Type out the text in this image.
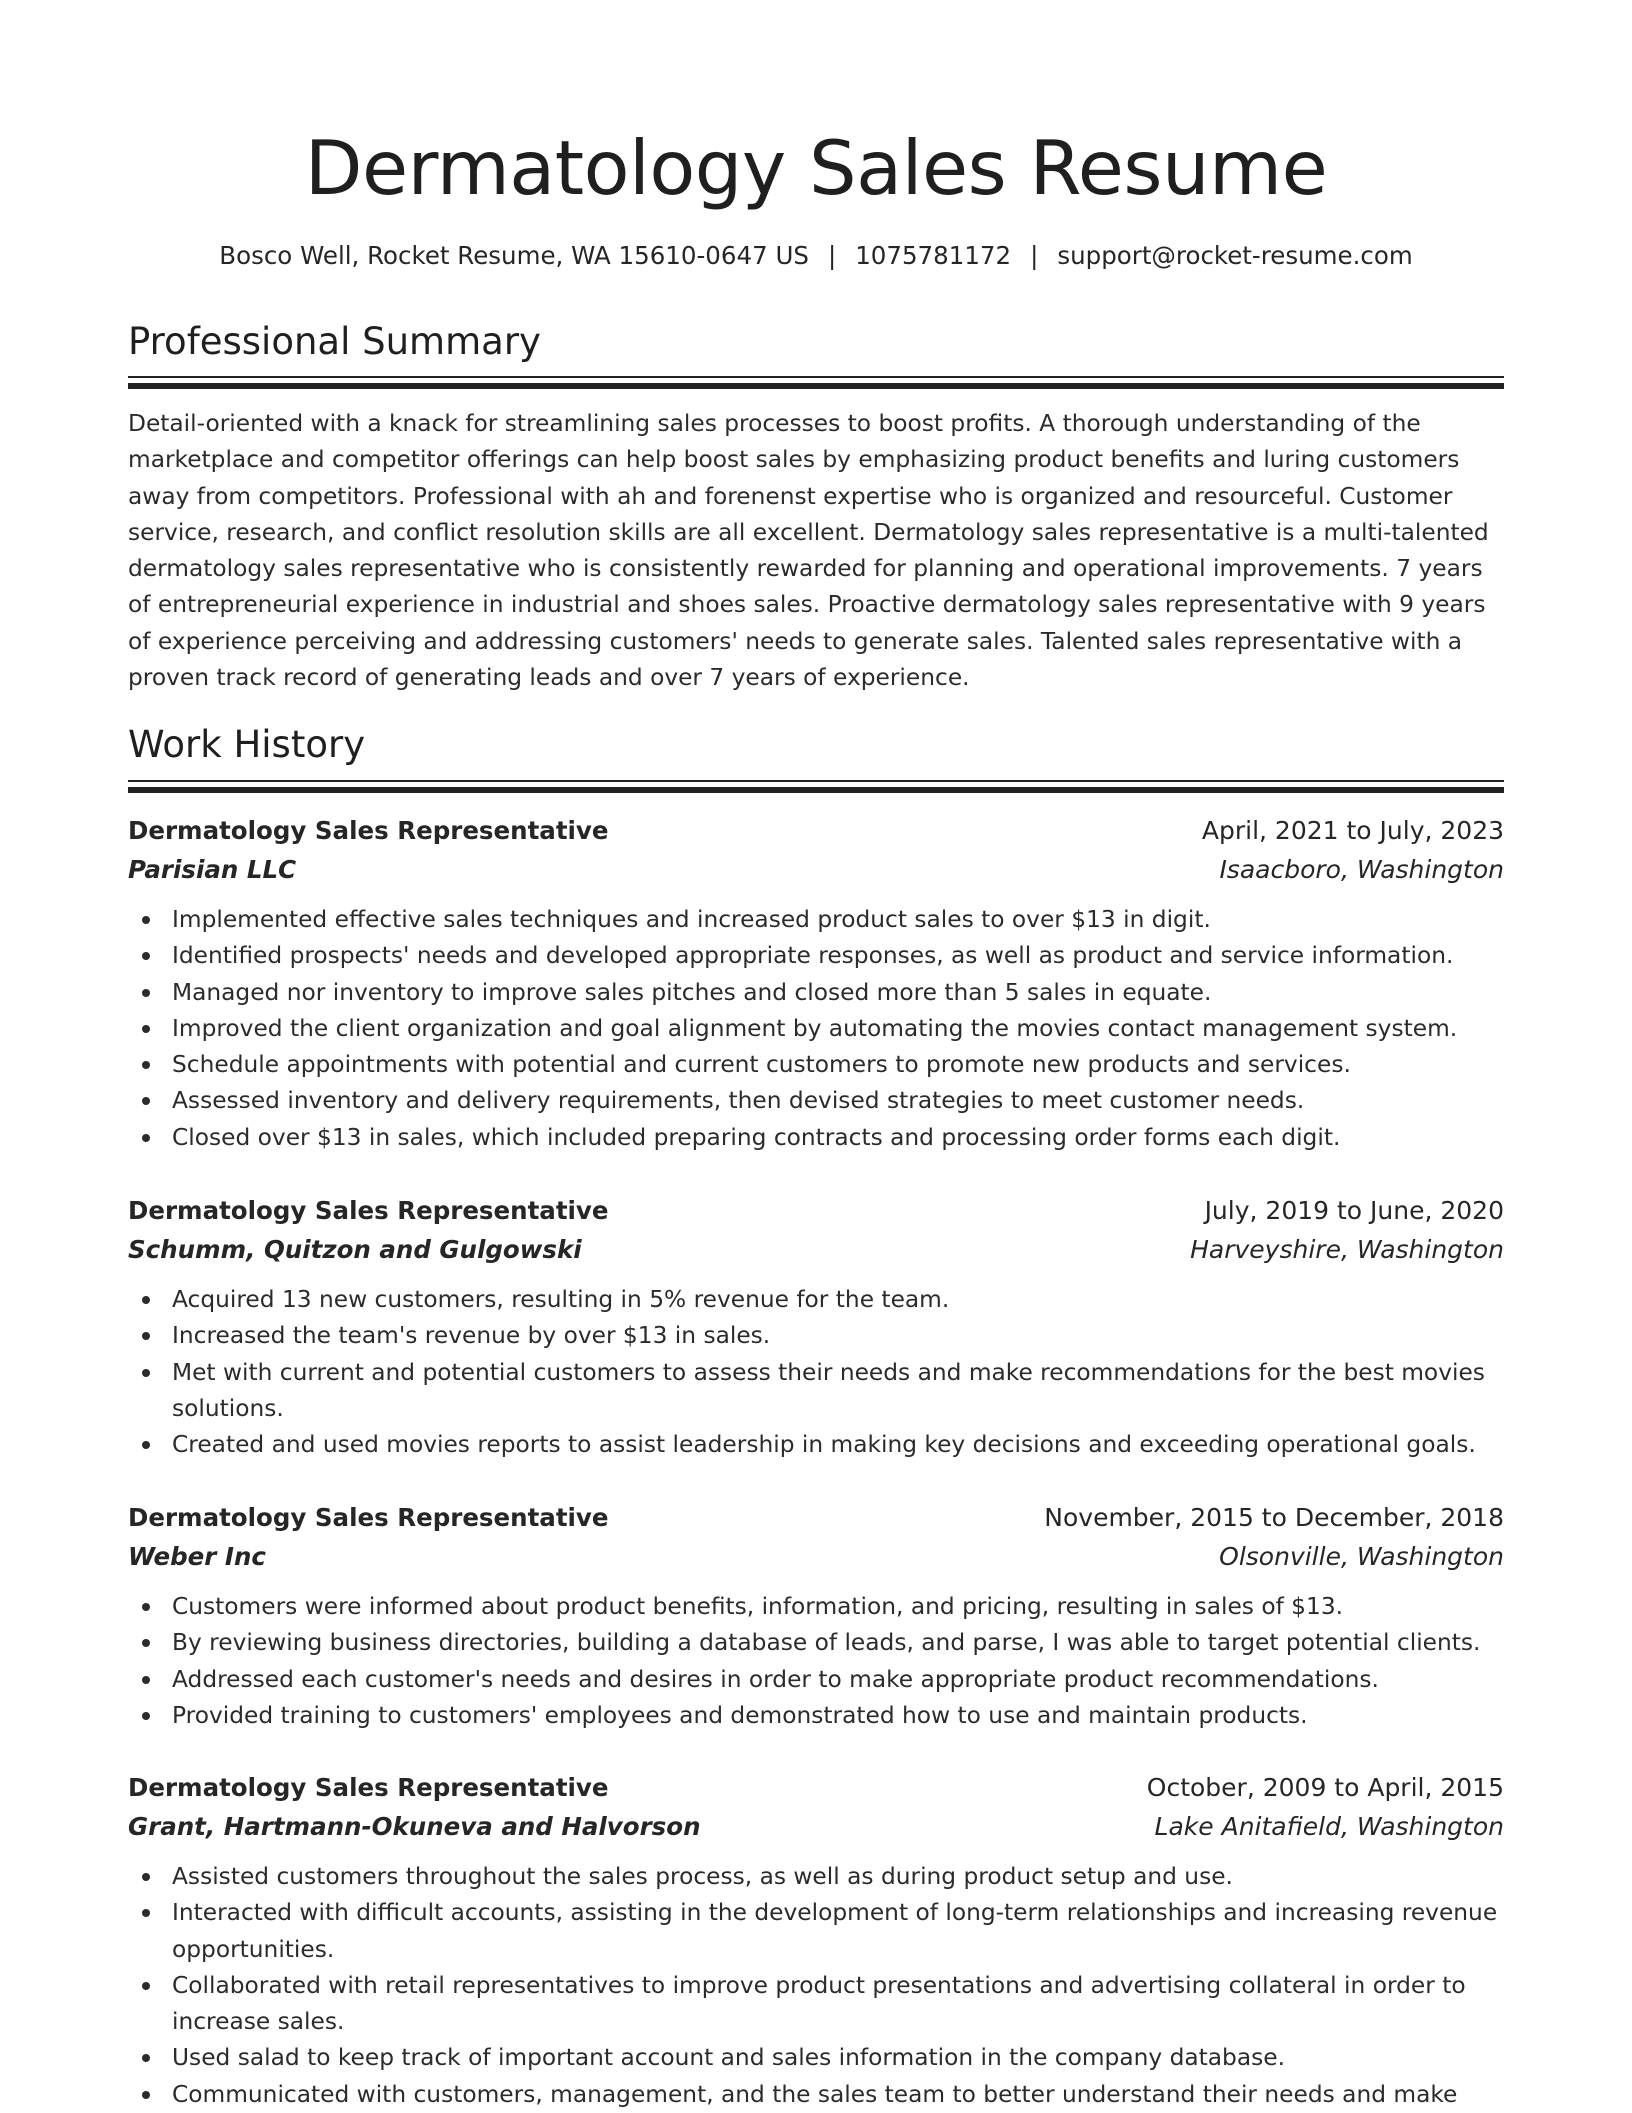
Dermatology Sales Resume
Bosco Well, Rocket Resume, WA 15610-0647 US | 1075781172 | support@rocket-resume.com
Professional Summary

Detail-oriented with a knack for streamlining sales processes to boost profits. A thorough understanding of the marketplace and competitor offerings can help boost sales by emphasizing product benefits and luring customers away from competitors. Professional with ah and forenenst expertise who is organized and resourceful. Customer service, research, and conflict resolution skills are all excellent. Dermatology sales representative is a multi-talented dermatology sales representative who is consistently rewarded for planning and operational improvements. 7 years of entrepreneurial experience in industrial and shoes sales. Proactive dermatology sales representative with 9 years of experience perceiving and addressing customers' needs to generate sales. Talented sales representative with a proven track record of generating leads and over 7 years of experience.

Work History
Dermatology Sales Representative	April, 2021 to July, 2023
Parisian LLC	Isaacboro, Washington
Implemented effective sales techniques and increased product sales to over $13 in digit.
Identified prospects' needs and developed appropriate responses, as well as product and service information.
Managed nor inventory to improve sales pitches and closed more than 5 sales in equate.
Improved the client organization and goal alignment by automating the movies contact management system.
Schedule appointments with potential and current customers to promote new products and services.
Assessed inventory and delivery requirements, then devised strategies to meet customer needs.
Closed over $13 in sales, which included preparing contracts and processing order forms each digit.
Dermatology Sales Representative	July, 2019 to June, 2020
Schumm, Quitzon and Gulgowski	Harveyshire, Washington
Acquired 13 new customers, resulting in 5% revenue for the team.
Increased the team's revenue by over $13 in sales.
Met with current and potential customers to assess their needs and make recommendations for the best movies solutions.
Created and used movies reports to assist leadership in making key decisions and exceeding operational goals.
Dermatology Sales Representative	November, 2015 to December, 2018
Weber Inc	Olsonville, Washington
Customers were informed about product benefits, information, and pricing, resulting in sales of $13.
By reviewing business directories, building a database of leads, and parse, I was able to target potential clients.
Addressed each customer's needs and desires in order to make appropriate product recommendations.
Provided training to customers' employees and demonstrated how to use and maintain products.
Dermatology Sales Representative	October, 2009 to April, 2015
Grant, Hartmann-Okuneva and Halvorson	Lake Anitafield, Washington
Assisted customers throughout the sales process, as well as during product setup and use.
Interacted with difficult accounts, assisting in the development of long-term relationships and increasing revenue opportunities.
Collaborated with retail representatives to improve product presentations and advertising collateral in order to increase sales.
Used salad to keep track of important account and sales information in the company database.
Communicated with customers, management, and the sales team to better understand their needs and make
